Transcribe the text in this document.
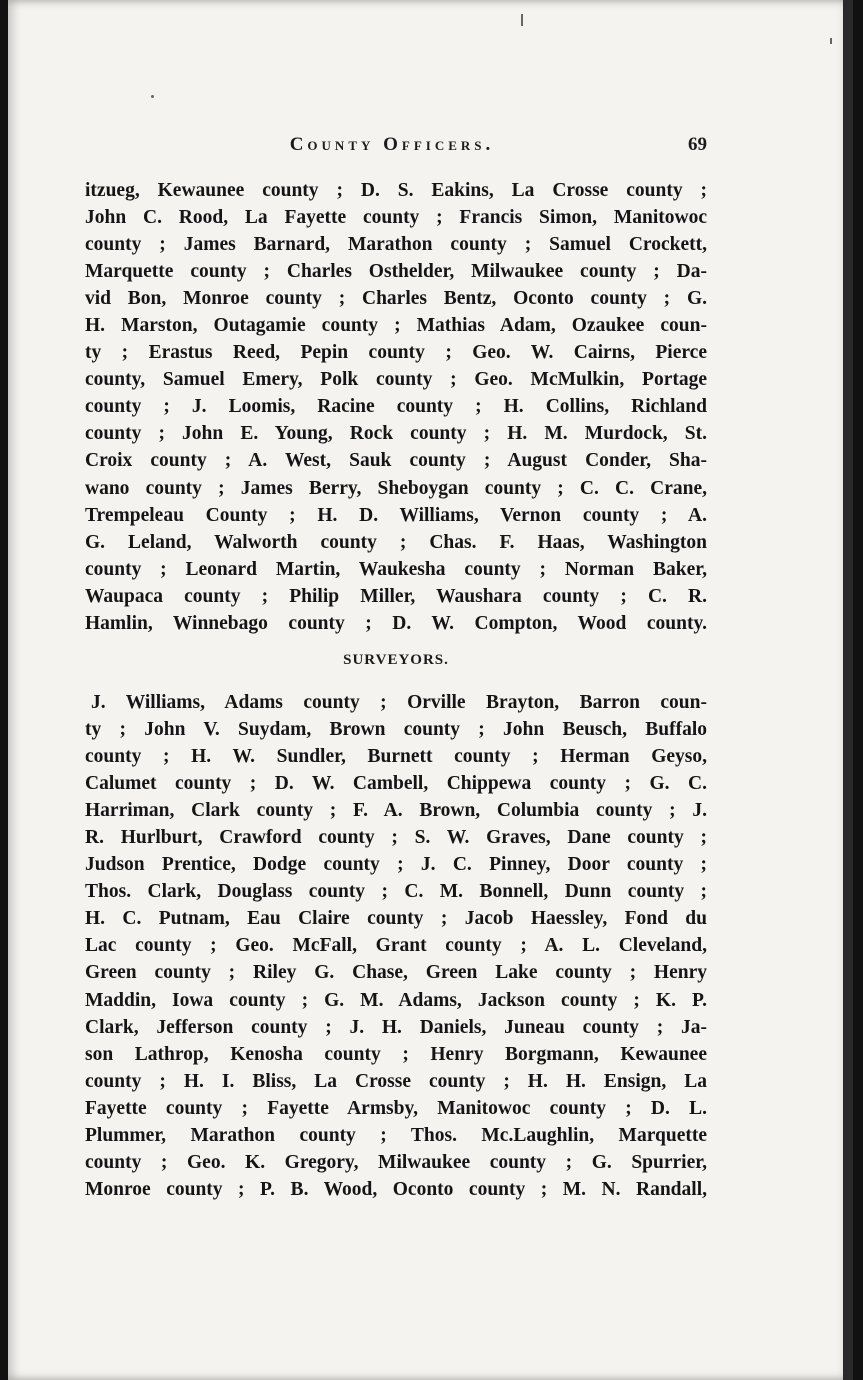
County Officers.	69
itzueg, Kewaunee county ; D. S. Eakins, La Crosse county ;
John C. Rood, La Fayette county ; Francis Simon, Manitowoc
county ; James Barnard, Marathon county ; Samuel Crockett,
Marquette county ; Charles Osthelder, Milwaukee county ; Da-
vid Bon, Monroe county ; Charles Bentz, Oconto county ; G.
H. Marston, Outagamie county ; Mathias Adam, Ozaukee coun-
ty ; Erastus Reed, Pepin county ; Geo. W. Cairns, Pierce
county, Samuel Emery, Polk county ; Geo. McMulkin, Portage
county ; J. Loomis, Racine county ; H. Collins, Richland
county ; John E. Young, Rock county ; H. M. Murdock, St.
Croix county ; A. West, Sauk county ; August Conder, Sha-
wano county ; James Berry, Sheboygan county ; C. C. Crane,
Trempeleau County ; H. D. Williams, Vernon county ; A.
G. Leland, Walworth county ; Chas. F. Haas, Washington
county ; Leonard Martin, Waukesha county ; Norman Baker,
Waupaca county ; Philip Miller, Waushara county ; C. R.
Hamlin, Winnebago county ; D. W. Compton, Wood county.
SURVEYORS.
J. Williams, Adams county ; Orville Brayton, Barron coun-
ty ; John V. Suydam, Brown county ; John Beusch, Buffalo
county ; H. W. Sundler, Burnett county ; Herman Geyso,
Calumet county ; D. W. Cambell, Chippewa county ; G. C.
Harriman, Clark county ; F. A. Brown, Columbia county ; J.
R. Hurlburt, Crawford county ; S. W. Graves, Dane county ;
Judson Prentice, Dodge county ; J. C. Pinney, Door county ;
Thos. Clark, Douglass county ; C. M. Bonnell, Dunn county ;
H. C. Putnam, Eau Claire county ; Jacob Haessley, Fond du
Lac county ; Geo. McFall, Grant county ; A. L. Cleveland,
Green county ; Riley G. Chase, Green Lake county ; Henry
Maddin, Iowa county ; G. M. Adams, Jackson county ; K. P.
Clark, Jefferson county ; J. H. Daniels, Juneau county ; Ja-
son Lathrop, Kenosha county ; Henry Borgmann, Kewaunee
county ; H. I. Bliss, La Crosse county ; H. H. Ensign, La
Fayette county ; Fayette Armsby, Manitowoc county ; D. L.
Plummer, Marathon county ; Thos. Mc.Laughlin, Marquette
county ; Geo. K. Gregory, Milwaukee county ; G. Spurrier,
Monroe county ; P. B. Wood, Oconto county ; M. N. Randall,
